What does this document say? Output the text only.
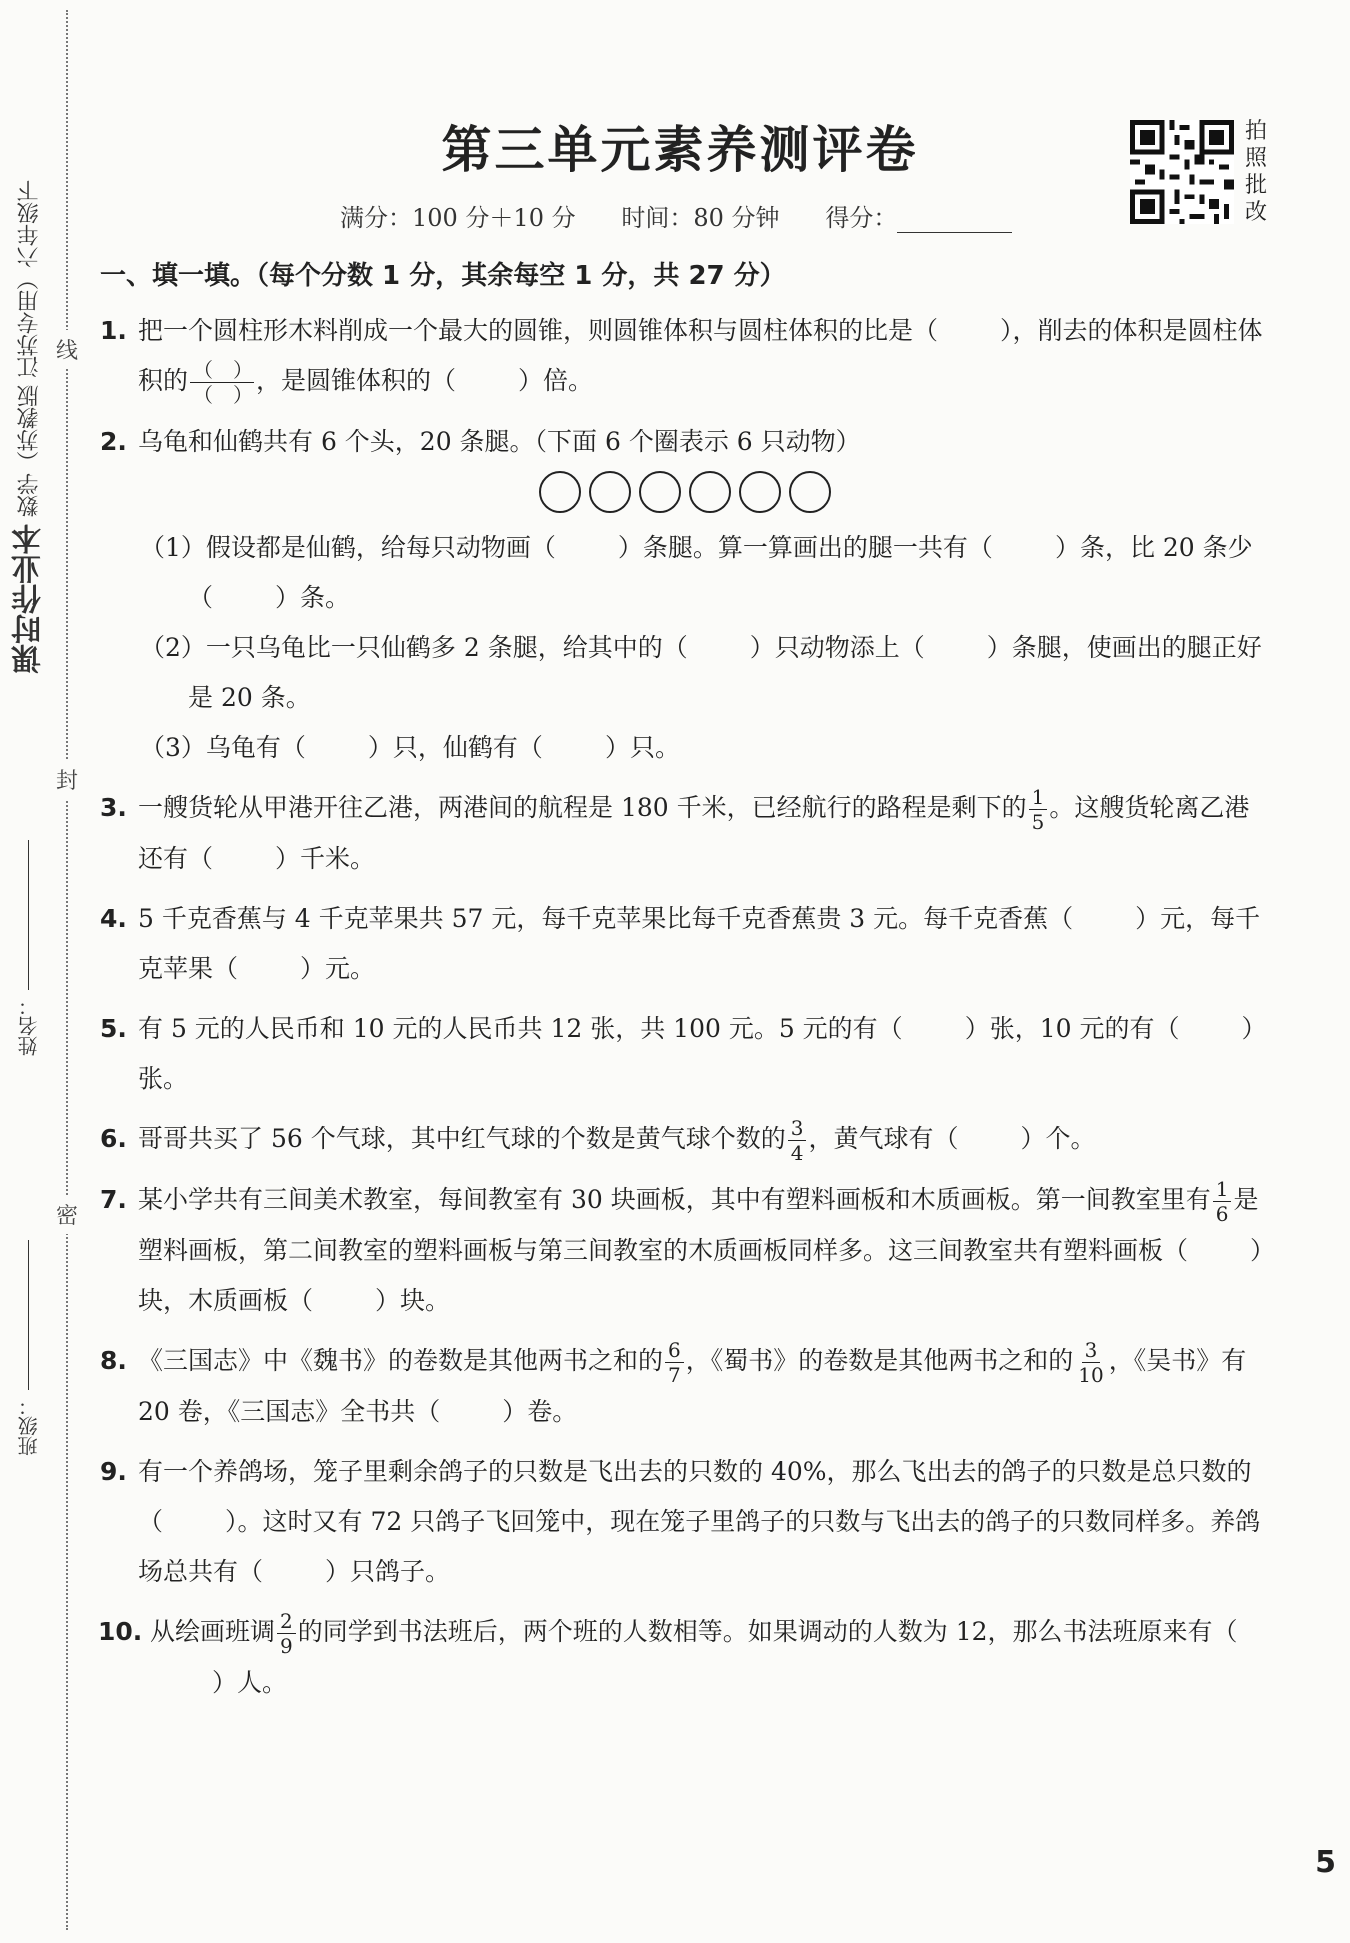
课时作业本 数学（苏教版 江苏专用）六年级下 线
封
密
姓名：
班级：
第三单元素养测评卷
满分：100 分＋10 分 时间：80 分钟 得分：
拍
照
批
改
一、填一填。（每个分数 1 分，其余每空 1 分，共 27 分）
1. 把一个圆柱形木料削成一个最大的圆锥，则圆锥体积与圆柱体积的比是（ ），削去的体积是圆柱体积的 $\frac{( )}{( )}$ ，是圆锥体积的（ ）倍。
2. 乌龟和仙鹤共有 6 个头，20 条腿。（下面 6 个圈表示 6 只动物）
（1）假设都是仙鹤，给每只动物画（ ）条腿。算一算画出的腿一共有（ ）条，比 20 条少（ ）条。
（2）一只乌龟比一只仙鹤多 2 条腿，给其中的（ ）只动物添上（ ）条腿，使画出的腿正好是 20 条。
（3）乌龟有（ ）只，仙鹤有（ ）只。
3. 一艘货轮从甲港开往乙港，两港间的航程是 180 千米，已经航行的路程是剩下的 $\frac{1}{5}$ 。这艘货轮离乙港还有（ ）千米。
4. 5 千克香蕉与 4 千克苹果共 57 元，每千克苹果比每千克香蕉贵 3 元。每千克香蕉（ ）元，每千克苹果（ ）元。
5. 有 5 元的人民币和 10 元的人民币共 12 张，共 100 元。5 元的有（ ）张，10 元的有（ ）张。
6. 哥哥共买了 56 个气球，其中红气球的个数是黄气球个数的 $\frac{3}{4}$ ，黄气球有（ ）个。
7. 某小学共有三间美术教室，每间教室有 30 块画板，其中有塑料画板和木质画板。第一间教室里有 $\frac{1}{6}$ 是塑料画板，第二间教室的塑料画板与第三间教室的木质画板同样多。这三间教室共有塑料画板（ ）块，木质画板（ ）块。
8. 《三国志》中《魏书》的卷数是其他两书之和的 $\frac{6}{7}$ ，《蜀书》的卷数是其他两书之和的 $\frac{3}{10}$ ，《吴书》有 20 卷，《三国志》全书共（ ）卷。
9. 有一个养鸽场，笼子里剩余鸽子的只数是飞出去的只数的 40%，那么飞出去的鸽子的只数是总只数的（ ）。这时又有 72 只鸽子飞回笼中，现在笼子里鸽子的只数与飞出去的鸽子的只数同样多。养鸽场总共有（ ）只鸽子。
10. 从绘画班调 $\frac{2}{9}$ 的同学到书法班后，两个班的人数相等。如果调动的人数为 12，那么书法班原来有（）人。
5
